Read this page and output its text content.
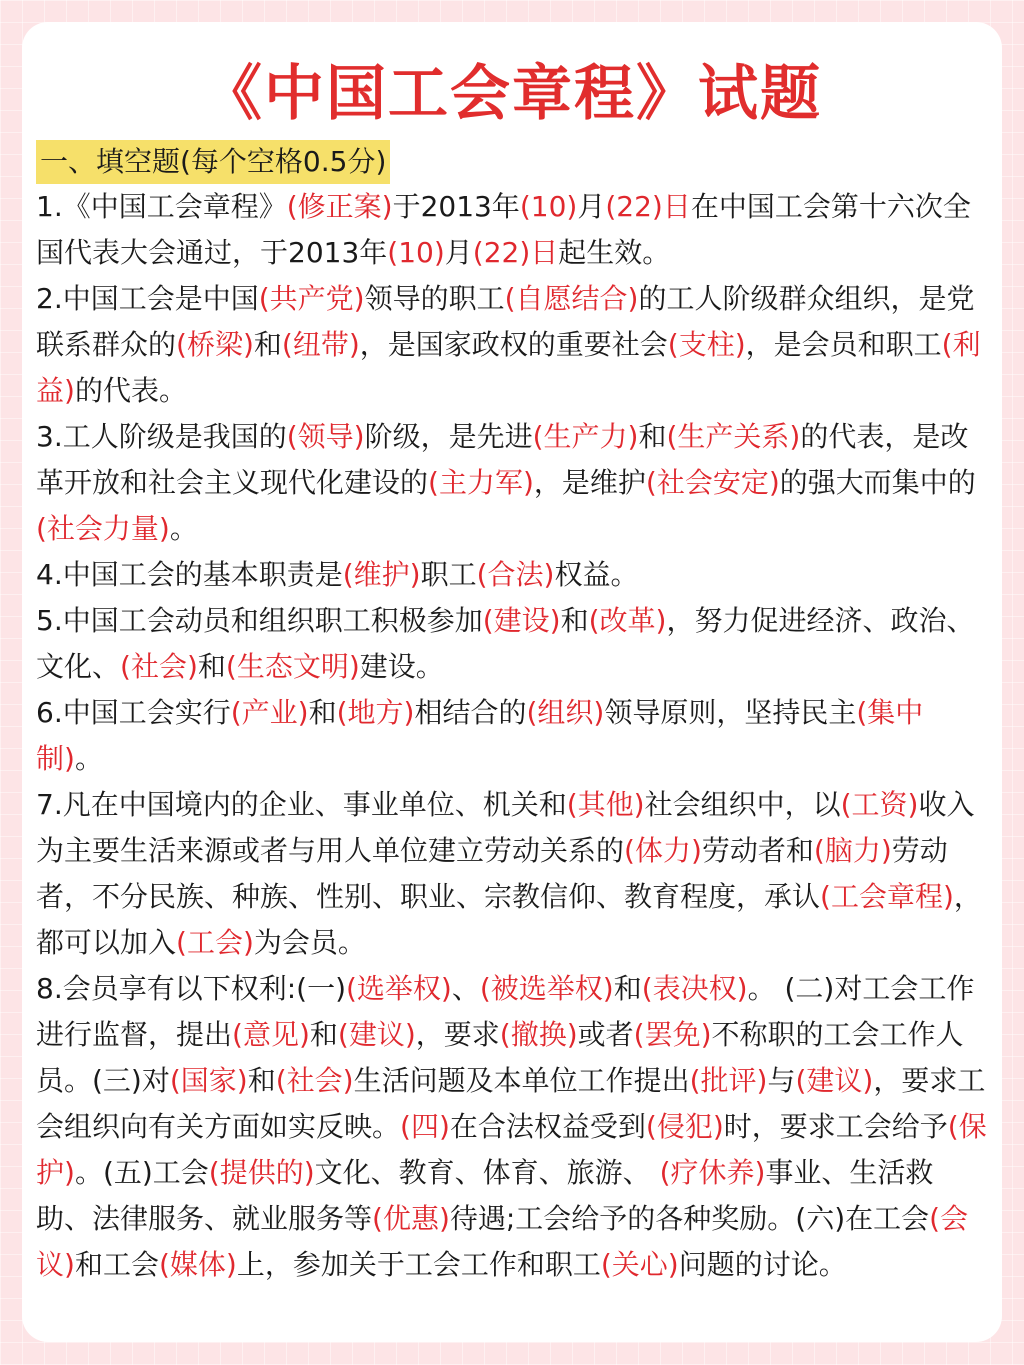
《中国工会章程》试题
一、填空题(每个空格0.5分)

1.《中国工会章程》(修正案)于2013年(10)月(22)日在中国工会第十六次全国代表大会通过，于2013年(10)月(22)日起生效。

2.中国工会是中国(共产党)领导的职工(自愿结合)的工人阶级群众组织，是党联系群众的(桥梁)和(纽带)，是国家政权的重要社会(支柱)，是会员和职工(利益)的代表。

3.工人阶级是我国的(领导)阶级，是先进(生产力)和(生产关系)的代表，是改革开放和社会主义现代化建设的(主力军)，是维护(社会安定)的强大而集中的(社会力量)。

4.中国工会的基本职责是(维护)职工(合法)权益。

5.中国工会动员和组织职工积极参加(建设)和(改革)，努力促进经济、政治、文化、(社会)和(生态文明)建设。

6.中国工会实行(产业)和(地方)相结合的(组织)领导原则，坚持民主(集中制)。

7.凡在中国境内的企业、事业单位、机关和(其他)社会组织中，以(工资)收入为主要生活来源或者与用人单位建立劳动关系的(体力)劳动者和(脑力)劳动者，不分民族、种族、性别、职业、宗教信仰、教育程度，承认(工会章程)，都可以加入(工会)为会员。

8.会员享有以下权利:(一)(选举权)、(被选举权)和(表决权)。 (二)对工会工作进行监督，提出(意见)和(建议)，要求(撤换)或者(罢免)不称职的工会工作人员。(三)对(国家)和(社会)生活问题及本单位工作提出(批评)与(建议)，要求工会组织向有关方面如实反映。(四)在合法权益受到(侵犯)时，要求工会给予(保护)。(五)工会(提供的)文化、教育、体育、旅游、 (疗休养)事业、生活救助、法律服务、就业服务等(优惠)待遇;工会给予的各种奖励。(六)在工会(会议)和工会(媒体)上，参加关于工会工作和职工(关心)问题的讨论。
